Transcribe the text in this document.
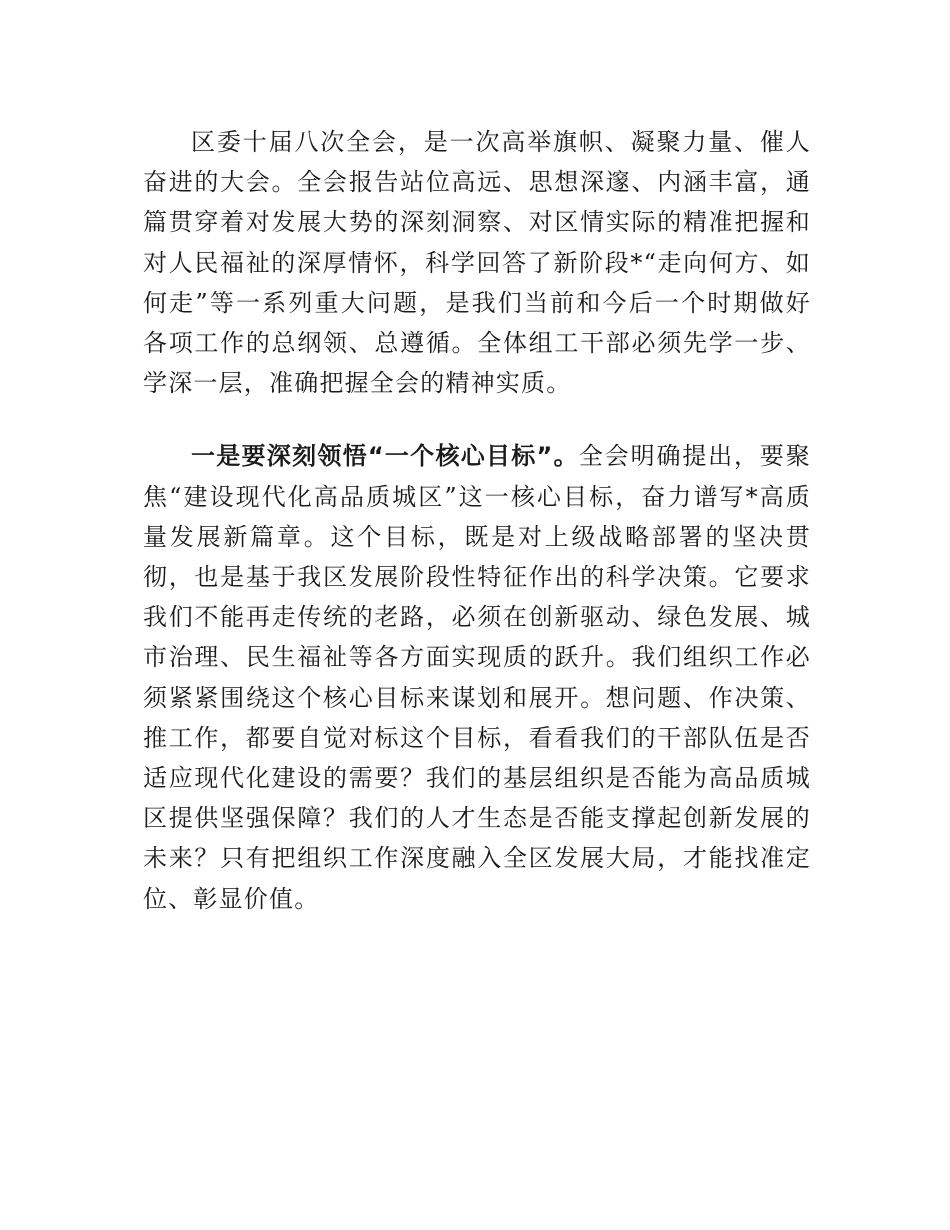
区委十届八次全会，是一次高举旗帜、凝聚力量、催人奋进的大会。全会报告站位高远、思想深邃、内涵丰富，通篇贯穿着对发展大势的深刻洞察、对区情实际的精准把握和对人民福祉的深厚情怀，科学回答了新阶段*“走向何方、如何走”等一系列重大问题，是我们当前和今后一个时期做好各项工作的总纲领、总遵循。全体组工干部必须先学一步、学深一层，准确把握全会的精神实质。

一是要深刻领悟“一个核心目标”。全会明确提出，要聚焦“建设现代化高品质城区”这一核心目标，奋力谱写*高质量发展新篇章。这个目标，既是对上级战略部署的坚决贯彻，也是基于我区发展阶段性特征作出的科学决策。它要求我们不能再走传统的老路，必须在创新驱动、绿色发展、城市治理、民生福祉等各方面实现质的跃升。我们组织工作必须紧紧围绕这个核心目标来谋划和展开。想问题、作决策、推工作，都要自觉对标这个目标，看看我们的干部队伍是否适应现代化建设的需要？我们的基层组织是否能为高品质城区提供坚强保障？我们的人才生态是否能支撑起创新发展的未来？只有把组织工作深度融入全区发展大局，才能找准定位、彰显价值。
